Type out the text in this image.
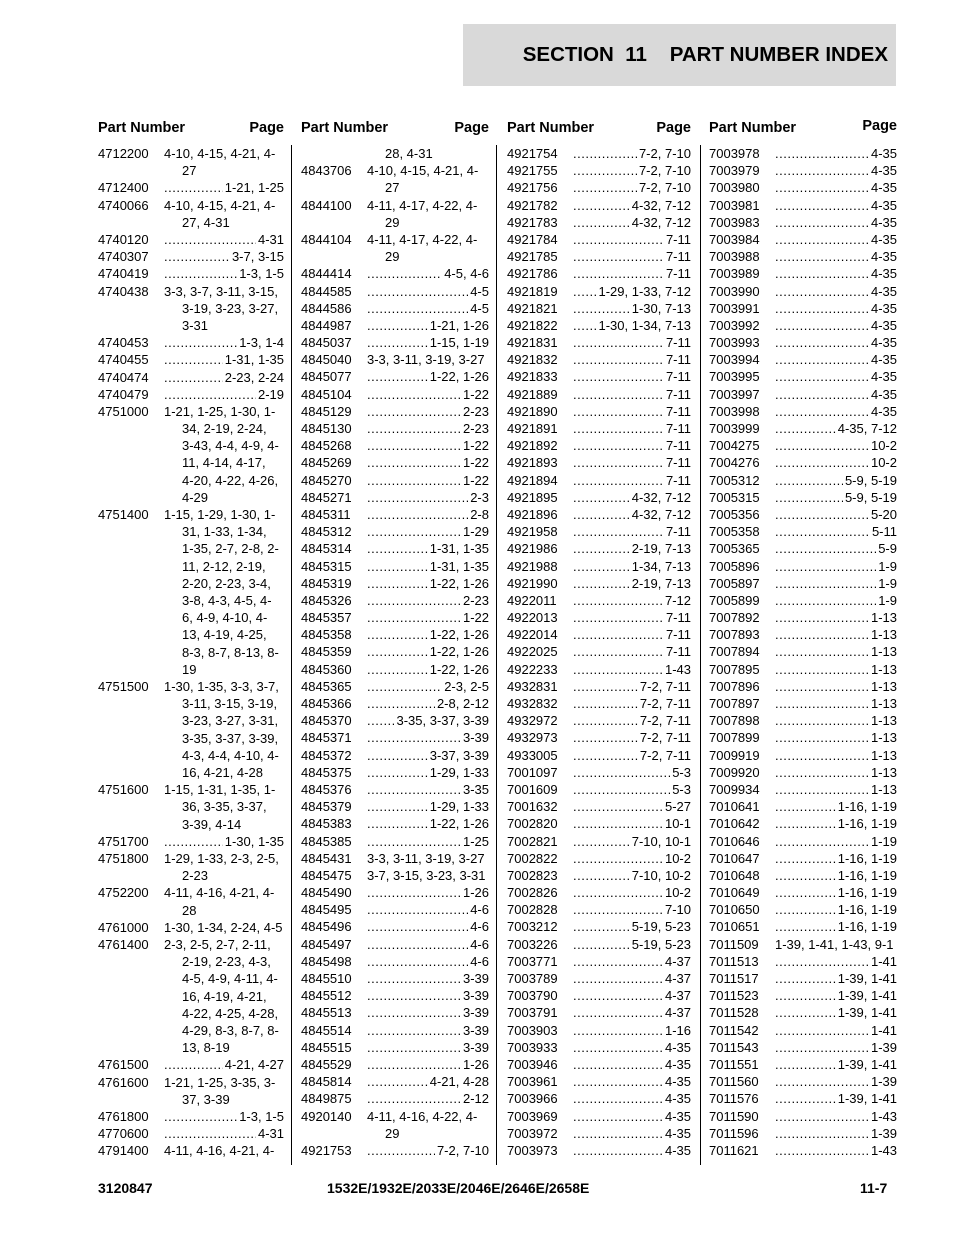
SECTION  11    PART NUMBER INDEX
Part Number	Page
4712200 4-10, 4-15, 4-21, 4-
27
4712400 .....	1-21, 1-25
4740066 4-10, 4-15, 4-21, 4-
27, 4-31
4740120 .....	4-31
4740307 .....	3-7, 3-15
4740419 .....	1-3, 1-5
4740438 3-3, 3-7, 3-11, 3-15,
3-19, 3-23, 3-27,
3-31
4740453 .....	1-3, 1-4
4740455 .....	1-31, 1-35
4740474 .....	2-23, 2-24
4740479 .....	2-19
4751000 1-21, 1-25, 1-30, 1-
34, 2-19, 2-24,
3-43, 4-4, 4-9, 4-
11, 4-14, 4-17,
4-20, 4-22, 4-26,
4-29
4751400 1-15, 1-29, 1-30, 1-
31, 1-33, 1-34,
1-35, 2-7, 2-8, 2-
11, 2-12, 2-19,
2-20, 2-23, 3-4,
3-8, 4-3, 4-5, 4-
6, 4-9, 4-10, 4-
13, 4-19, 4-25,
8-3, 8-7, 8-13, 8-
19
4751500 1-30, 1-35, 3-3, 3-7,
3-11, 3-15, 3-19,
3-23, 3-27, 3-31,
3-35, 3-37, 3-39,
4-3, 4-4, 4-10, 4-
16, 4-21, 4-28
4751600 1-15, 1-31, 1-35, 1-
36, 3-35, 3-37,
3-39, 4-14
4751700 .....	1-30, 1-35
4751800 1-29, 1-33, 2-3, 2-5,
2-23
4752200 4-11, 4-16, 4-21, 4-
28
4761000 1-30, 1-34, 2-24, 4-5
4761400 2-3, 2-5, 2-7, 2-11,
2-19, 2-23, 4-3,
4-5, 4-9, 4-11, 4-
16, 4-19, 4-21,
4-22, 4-25, 4-28,
4-29, 8-3, 8-7, 8-
13, 8-19
4761500 .....	4-21, 4-27
4761600 1-21, 1-25, 3-35, 3-
37, 3-39
4761800 .....	1-3, 1-5
4770600 .....	4-31
4791400 4-11, 4-16, 4-21, 4-
Part Number	Page
28, 4-31
4843706 4-10, 4-15, 4-21, 4-
27
4844100 4-11, 4-17, 4-22, 4-
29
4844104 4-11, 4-17, 4-22, 4-
29
4844414 .....	4-5, 4-6
4844585 .....	4-5
4844586 .....	4-5
4844987 .....	1-21, 1-26
4845037 .....	1-15, 1-19
4845040 3-3, 3-11, 3-19, 3-27
4845077 .....	1-22, 1-26
4845104 .....	1-22
4845129 .....	2-23
4845130 .....	2-23
4845268 .....	1-22
4845269 .....	1-22
4845270 .....	1-22
4845271 .....	2-3
4845311 .....	2-8
4845312 .....	1-29
4845314 .....	1-31, 1-35
4845315 .....	1-31, 1-35
4845319 .....	1-22, 1-26
4845326 .....	2-23
4845357 .....	1-22
4845358 .....	1-22, 1-26
4845359 .....	1-22, 1-26
4845360 .....	1-22, 1-26
4845365 .....	2-3, 2-5
4845366 .....	2-8, 2-12
4845370 .....	3-35, 3-37, 3-39
4845371 .....	3-39
4845372 .....	3-37, 3-39
4845375 .....	1-29, 1-33
4845376 .....	3-35
4845379 .....	1-29, 1-33
4845383 .....	1-22, 1-26
4845385 .....	1-25
4845431 3-3, 3-11, 3-19, 3-27
4845475 3-7, 3-15, 3-23, 3-31
4845490 .....	1-26
4845495 .....	4-6
4845496 .....	4-6
4845497 .....	4-6
4845498 .....	4-6
4845510 .....	3-39
4845512 .....	3-39
4845513 .....	3-39
4845514 .....	3-39
4845515 .....	3-39
4845529 .....	1-26
4845814 .....	4-21, 4-28
4849875 .....	2-12
4920140 4-11, 4-16, 4-22, 4-
29
4921753 .....	7-2, 7-10
Part Number	Page
4921754 .....	7-2, 7-10
4921755 .....	7-2, 7-10
4921756 .....	7-2, 7-10
4921782 .....	4-32, 7-12
4921783 .....	4-32, 7-12
4921784 .....	7-11
4921785 .....	7-11
4921786 .....	7-11
4921819 .....	1-29, 1-33, 7-12
4921821 .....	1-30, 7-13
4921822 .....	1-30, 1-34, 7-13
4921831 .....	7-11
4921832 .....	7-11
4921833 .....	7-11
4921889 .....	7-11
4921890 .....	7-11
4921891 .....	7-11
4921892 .....	7-11
4921893 .....	7-11
4921894 .....	7-11
4921895 .....	4-32, 7-12
4921896 .....	4-32, 7-12
4921958 .....	7-11
4921986 .....	2-19, 7-13
4921988 .....	1-34, 7-13
4921990 .....	2-19, 7-13
4922011 .....	7-12
4922013 .....	7-11
4922014 .....	7-11
4922025 .....	7-11
4922233 .....	1-43
4932831 .....	7-2, 7-11
4932832 .....	7-2, 7-11
4932972 .....	7-2, 7-11
4932973 .....	7-2, 7-11
4933005 .....	7-2, 7-11
7001097 .....	5-3
7001609 .....	5-3
7001632 .....	5-27
7002820 .....	10-1
7002821 .....	7-10, 10-1
7002822 .....	10-2
7002823 .....	7-10, 10-2
7002826 .....	10-2
7002828 .....	7-10
7003212 .....	5-19, 5-23
7003226 .....	5-19, 5-23
7003771 .....	4-37
7003789 .....	4-37
7003790 .....	4-37
7003791 .....	4-37
7003903 .....	1-16
7003933 .....	4-35
7003946 .....	4-35
7003961 .....	4-35
7003966 .....	4-35
7003969 .....	4-35
7003972 .....	4-35
7003973 .....	4-35
Part Number	Page
7003978 .....	4-35
7003979 .....	4-35
7003980 .....	4-35
7003981 .....	4-35
7003983 .....	4-35
7003984 .....	4-35
7003988 .....	4-35
7003989 .....	4-35
7003990 .....	4-35
7003991 .....	4-35
7003992 .....	4-35
7003993 .....	4-35
7003994 .....	4-35
7003995 .....	4-35
7003997 .....	4-35
7003998 .....	4-35
7003999 .....	4-35, 7-12
7004275 .....	10-2
7004276 .....	10-2
7005312 .....	5-9, 5-19
7005315 .....	5-9, 5-19
7005356 .....	5-20
7005358 .....	5-11
7005365 .....	5-9
7005896 .....	1-9
7005897 .....	1-9
7005899 .....	1-9
7007892 .....	1-13
7007893 .....	1-13
7007894 .....	1-13
7007895 .....	1-13
7007896 .....	1-13
7007897 .....	1-13
7007898 .....	1-13
7007899 .....	1-13
7009919 .....	1-13
7009920 .....	1-13
7009934 .....	1-13
7010641 .....	1-16, 1-19
7010642 .....	1-16, 1-19
7010646 .....	1-19
7010647 .....	1-16, 1-19
7010648 .....	1-16, 1-19
7010649 .....	1-16, 1-19
7010650 .....	1-16, 1-19
7010651 .....	1-16, 1-19
7011509 1-39, 1-41, 1-43, 9-1
7011513 .....	1-41
7011517 .....	1-39, 1-41
7011523 .....	1-39, 1-41
7011528 .....	1-39, 1-41
7011542 .....	1-41
7011543 .....	1-39
7011551 .....	1-39, 1-41
7011560 .....	1-39
7011576 .....	1-39, 1-41
7011590 .....	1-43
7011596 .....	1-39
7011621 .....	1-43
3120847	1532E/1932E/2033E/2046E/2646E/2658E	11-7
